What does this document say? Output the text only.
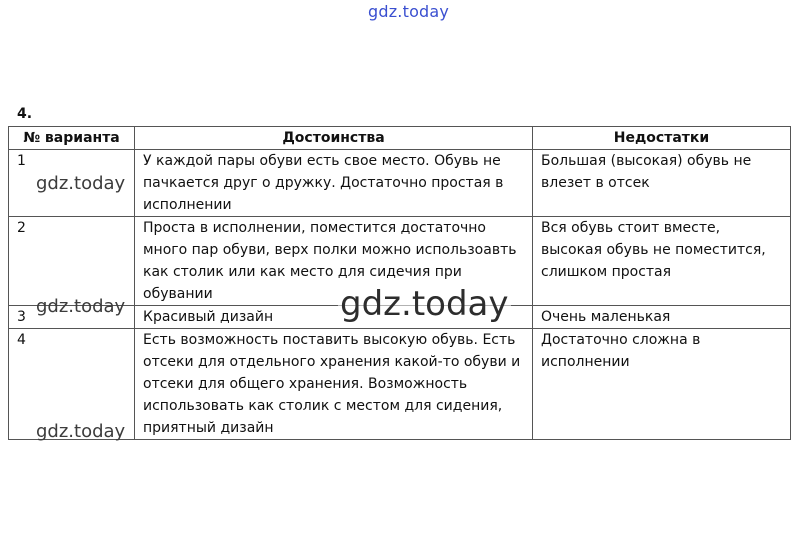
gdz.today
4.
№ варианта	Достоинства	Недостатки
1	У каждой пары обуви есть свое место. Обувь не пачкается друг о дружку. Достаточно простая в исполнении	Большая (высокая) обувь не влезет в отсек
2	Проста в исполнении, поместится достаточно много пар обуви, верх полки можно использоавть как столик или как место для сидечия при обувании	Вся обувь стоит вместе, высокая обувь не поместится, слишком простая
3	Красивый дизайн	Очень маленькая
4	Есть возможность поставить высокую обувь. Есть отсеки для отдельного хранения какой-то обуви и отсеки для общего хранения. Возможность использовать как столик с местом для сидения, приятный дизайн	Достаточно сложна в исполнении
gdz.today
gdz.today
gdz.today
gdz.today
